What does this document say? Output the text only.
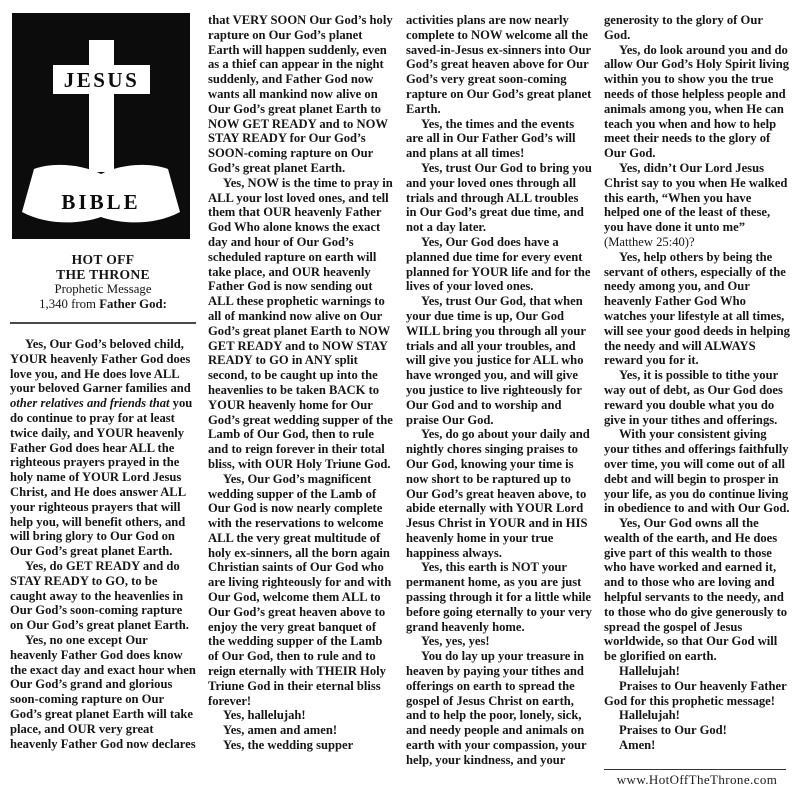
JESUS
BIBLE
HOT OFF
THE THRONE
Prophetic Message
1,340 from Father God:

Yes, Our God’s beloved child, YOUR heavenly Father God does love you, and He does love ALL your beloved Garner families and other relatives and friends that you do continue to pray for at least twice daily, and YOUR heavenly Father God does hear ALL the righteous prayers prayed in the holy name of YOUR Lord Jesus Christ, and He does answer ALL your righteous prayers that will help you, will benefit others, and will bring glory to Our God on Our God’s great planet Earth.

Yes, do GET READY and do STAY READY to GO, to be caught away to the heavenlies in Our God’s soon-coming rapture on Our God’s great planet Earth.

Yes, no one except Our heavenly Father God does know the exact day and exact hour when Our God’s grand and glorious soon-coming rapture on Our God’s great planet Earth will take place, and OUR very great heavenly Father God now declares

that VERY SOON Our God’s holy rapture on Our God’s planet Earth will happen suddenly, even as a thief can appear in the night suddenly, and Father God now wants all mankind now alive on Our God’s great planet Earth to NOW GET READY and to NOW STAY READY for Our God’s SOON-coming rapture on Our God’s great planet Earth.

Yes, NOW is the time to pray in ALL your lost loved ones, and tell them that OUR heavenly Father God Who alone knows the exact day and hour of Our God’s scheduled rapture on earth will take place, and OUR heavenly Father God is now sending out ALL these prophetic warnings to all of mankind now alive on Our God’s great planet Earth to NOW GET READY and to NOW STAY READY to GO in ANY split second, to be caught up into the heavenlies to be taken BACK to YOUR heavenly home for Our God’s great wedding supper of the Lamb of Our God, then to rule and to reign forever in their total bliss, with OUR Holy Triune God.

Yes, Our God’s magnificent wedding supper of the Lamb of Our God is now nearly complete with the reservations to welcome ALL the very great multitude of holy ex-sinners, all the born again Christian saints of Our God who are living righteously for and with Our God, welcome them ALL to Our God’s great heaven above to enjoy the very great banquet of the wedding supper of the Lamb of Our God, then to rule and to reign eternally with THEIR Holy Triune God in their eternal bliss forever!

Yes, hallelujah!

Yes, amen and amen!

Yes, the wedding supper

activities plans are now nearly complete to NOW welcome all the saved-in-Jesus ex-sinners into Our God’s great heaven above for Our God’s very great soon-coming rapture on Our God’s great planet Earth.

Yes, the times and the events are all in Our Father God’s will and plans at all times!

Yes, trust Our God to bring you and your loved ones through all trials and through ALL troubles in Our God’s great due time, and not a day later.

Yes, Our God does have a planned due time for every event planned for YOUR life and for the lives of your loved ones.

Yes, trust Our God, that when your due time is up, Our God WILL bring you through all your trials and all your troubles, and will give you justice for ALL who have wronged you, and will give you justice to live righteously for Our God and to worship and praise Our God.

Yes, do go about your daily and nightly chores singing praises to Our God, knowing your time is now short to be raptured up to Our God’s great heaven above, to abide eternally with YOUR Lord Jesus Christ in YOUR and in HIS heavenly home in your true happiness always.

Yes, this earth is NOT your permanent home, as you are just passing through it for a little while before going eternally to your very grand heavenly home.

Yes, yes, yes!

You do lay up your treasure in heaven by paying your tithes and offerings on earth to spread the gospel of Jesus Christ on earth, and to help the poor, lonely, sick, and needy people and animals on earth with your compassion, your help, your kindness, and your

generosity to the glory of Our God.

Yes, do look around you and do allow Our God’s Holy Spirit living within you to show you the true needs of those helpless people and animals among you, when He can teach you when and how to help meet their needs to the glory of Our God.

Yes, didn’t Our Lord Jesus Christ say to you when He walked this earth, “When you have helped one of the least of these, you have done it unto me” (Matthew 25:40)?

Yes, help others by being the servant of others, especially of the needy among you, and Our heavenly Father God Who watches your lifestyle at all times, will see your good deeds in helping the needy and will ALWAYS reward you for it.

Yes, it is possible to tithe your way out of debt, as Our God does reward you double what you do give in your tithes and offerings.

With your consistent giving your tithes and offerings faithfully over time, you will come out of all debt and will begin to prosper in your life, as you do continue living in obedience to and with Our God.

Yes, Our God owns all the wealth of the earth, and He does give part of this wealth to those who have worked and earned it, and to those who are loving and helpful servants to the needy, and to those who do give generously to spread the gospel of Jesus worldwide, so that Our God will be glorified on earth.

Hallelujah!

Praises to Our heavenly Father God for this prophetic message!

Hallelujah!

Praises to Our God!

Amen!

www.HotOffTheThrone.com
